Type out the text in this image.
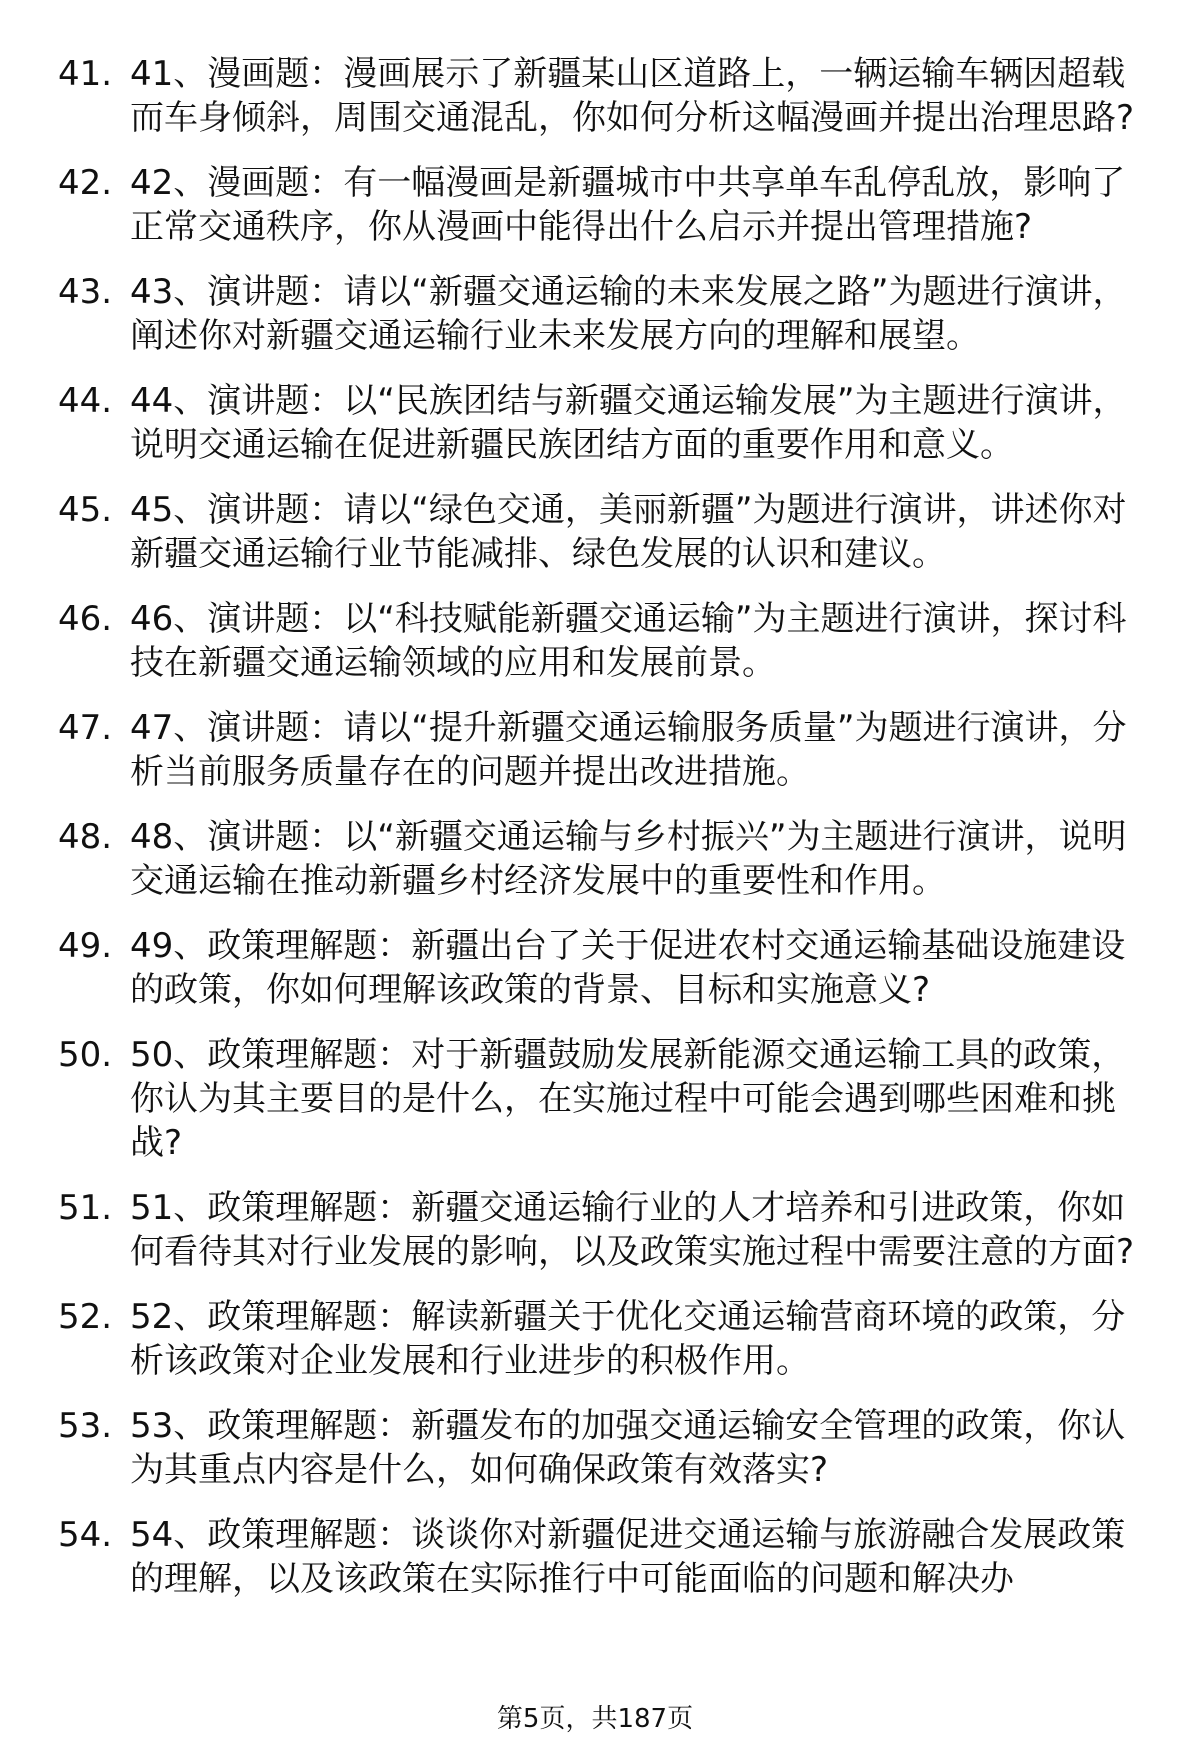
41. 41、漫画题：漫画展示了新疆某山区道路上，一辆运输车辆因超载而车身倾斜，周围交通混乱，你如何分析这幅漫画并提出治理思路?
42. 42、漫画题：有一幅漫画是新疆城市中共享单车乱停乱放，影响了正常交通秩序，你从漫画中能得出什么启示并提出管理措施?
43. 43、演讲题：请以“新疆交通运输的未来发展之路”为题进行演讲，阐述你对新疆交通运输行业未来发展方向的理解和展望。
44. 44、演讲题：以“民族团结与新疆交通运输发展”为主题进行演讲，说明交通运输在促进新疆民族团结方面的重要作用和意义。
45. 45、演讲题：请以“绿色交通，美丽新疆”为题进行演讲，讲述你对新疆交通运输行业节能减排、绿色发展的认识和建议。
46. 46、演讲题：以“科技赋能新疆交通运输”为主题进行演讲，探讨科技在新疆交通运输领域的应用和发展前景。
47. 47、演讲题：请以“提升新疆交通运输服务质量”为题进行演讲，分析当前服务质量存在的问题并提出改进措施。
48. 48、演讲题：以“新疆交通运输与乡村振兴”为主题进行演讲，说明交通运输在推动新疆乡村经济发展中的重要性和作用。
49. 49、政策理解题：新疆出台了关于促进农村交通运输基础设施建设的政策，你如何理解该政策的背景、目标和实施意义?
50. 50、政策理解题：对于新疆鼓励发展新能源交通运输工具的政策，你认为其主要目的是什么，在实施过程中可能会遇到哪些困难和挑战?
51. 51、政策理解题：新疆交通运输行业的人才培养和引进政策，你如何看待其对行业发展的影响，以及政策实施过程中需要注意的方面?
52. 52、政策理解题：解读新疆关于优化交通运输营商环境的政策，分析该政策对企业发展和行业进步的积极作用。
53. 53、政策理解题：新疆发布的加强交通运输安全管理的政策，你认为其重点内容是什么，如何确保政策有效落实?
54. 54、政策理解题：谈谈你对新疆促进交通运输与旅游融合发展政策的理解，以及该政策在实际推行中可能面临的问题和解决办
第5页，共187页
